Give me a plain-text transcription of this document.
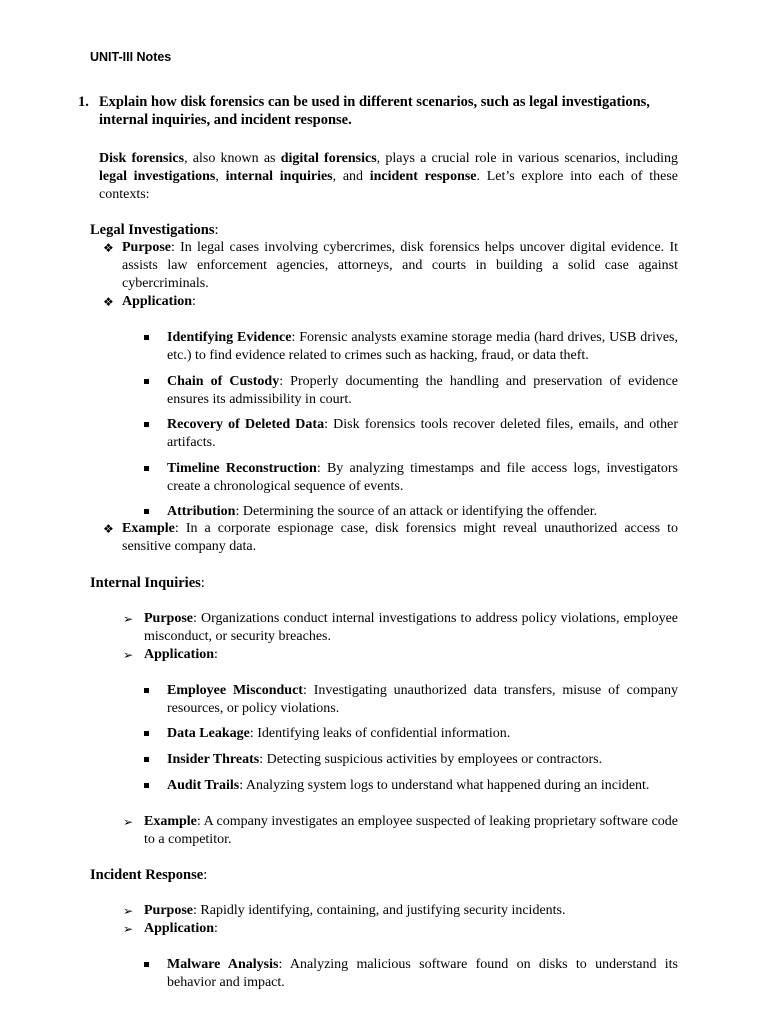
UNIT-III Notes
1. Explain how disk forensics can be used in different scenarios, such as legal investigations, internal inquiries, and incident response.
Disk forensics, also known as digital forensics, plays a crucial role in various scenarios, including legal investigations, internal inquiries, and incident response. Let’s explore into each of these contexts:
Legal Investigations:
❖ Purpose: In legal cases involving cybercrimes, disk forensics helps uncover digital evidence. It assists law enforcement agencies, attorneys, and courts in building a solid case against cybercriminals.
❖ Application:
Identifying Evidence: Forensic analysts examine storage media (hard drives, USB drives, etc.) to find evidence related to crimes such as hacking, fraud, or data theft.
Chain of Custody: Properly documenting the handling and preservation of evidence ensures its admissibility in court.
Recovery of Deleted Data: Disk forensics tools recover deleted files, emails, and other artifacts.
Timeline Reconstruction: By analyzing timestamps and file access logs, investigators create a chronological sequence of events.
Attribution: Determining the source of an attack or identifying the offender.
❖ Example: In a corporate espionage case, disk forensics might reveal unauthorized access to sensitive company data.
Internal Inquiries:
➢ Purpose: Organizations conduct internal investigations to address policy violations, employee misconduct, or security breaches.
➢ Application:
Employee Misconduct: Investigating unauthorized data transfers, misuse of company resources, or policy violations.
Data Leakage: Identifying leaks of confidential information.
Insider Threats: Detecting suspicious activities by employees or contractors.
Audit Trails: Analyzing system logs to understand what happened during an incident.
➢ Example: A company investigates an employee suspected of leaking proprietary software code to a competitor.
Incident Response:
➢ Purpose: Rapidly identifying, containing, and justifying security incidents.
➢ Application:
Malware Analysis: Analyzing malicious software found on disks to understand its behavior and impact.
